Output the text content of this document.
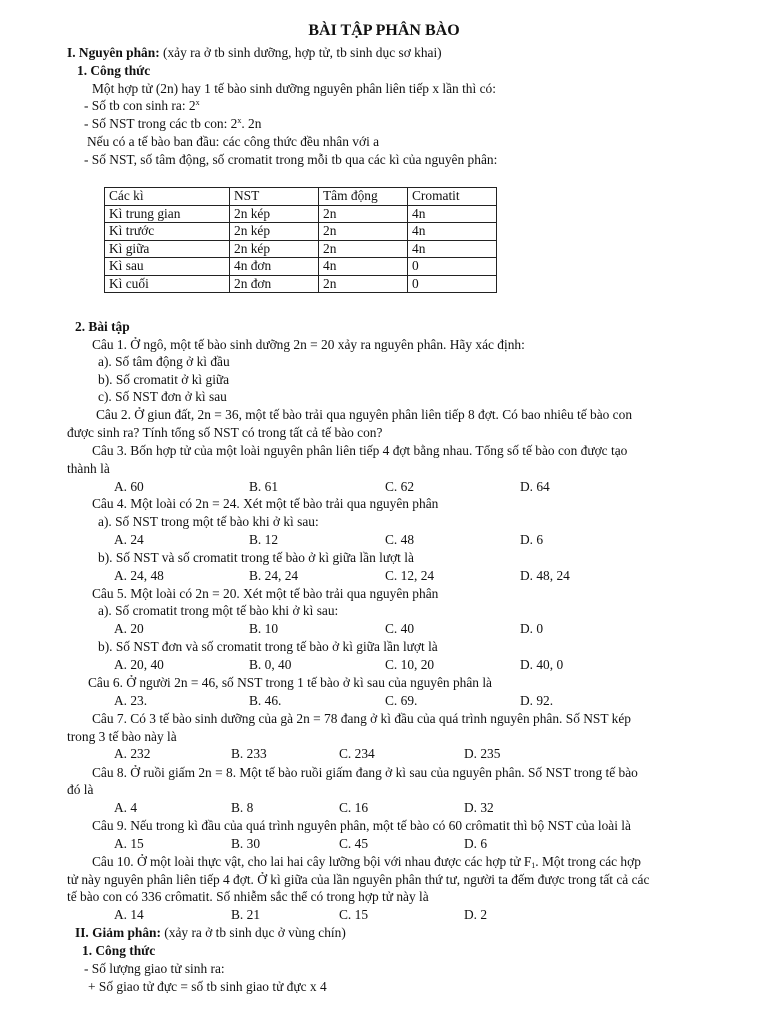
BÀI TẬP PHÂN BÀO
I. Nguyên phân: (xảy ra ở tb sinh dưỡng, hợp tử, tb sinh dục sơ khai)
1. Công thức
Một hợp tử (2n) hay 1 tế bào sinh dưỡng nguyên phân liên tiếp x lần thì có:
- Số tb con sinh ra: 2$^x$
- Số NST trong các tb con: 2$^x$. 2n
Nếu có a tế bào ban đầu: các công thức đều nhân với a
- Số NST, số tâm động, số cromatit trong mỗi tb qua các kì của nguyên phân:
Các kì	NST	Tâm động	Cromatit
Kì trung gian	2n kép	2n	4n
Kì trước	2n kép	2n	4n
Kì giữa	2n kép	2n	4n
Kì sau	4n đơn	4n	0
Kì cuối	2n đơn	2n	0
2. Bài tập
Câu 1. Ở ngô, một tế bào sinh dưỡng 2n = 20 xảy ra nguyên phân. Hãy xác định:
a). Số tâm động ở kì đầu
b). Số cromatit ở kì giữa
c). Số NST đơn ở kì sau
Câu 2. Ở giun đất, 2n = 36, một tế bào trải qua nguyên phân liên tiếp 8 đợt. Có bao nhiêu tế bào con
được sinh ra? Tính tổng số NST có trong tất cả tế bào con?
Câu 3. Bốn hợp tử của một loài nguyên phân liên tiếp 4 đợt bằng nhau. Tổng số tế bào con được tạo
thành là
A. 60	B. 61	C. 62	D. 64
Câu 4. Một loài có 2n = 24. Xét một tế bào trải qua nguyên phân
a). Số NST trong một tế bào khi ở kì sau:
A. 24	B. 12	C. 48	D. 6
b). Số NST và số cromatit trong tế bào ở kì giữa lần lượt là
A. 24, 48	B. 24, 24	C. 12, 24	D. 48, 24
Câu 5. Một loài có 2n = 20. Xét một tế bào trải qua nguyên phân
a). Số cromatit trong một tế bào khi ở kì sau:
A. 20	B. 10	C. 40	D. 0
b). Số NST đơn và số cromatit trong tế bào ở kì giữa lần lượt là
A. 20, 40	B. 0, 40	C. 10, 20	D. 40, 0
Câu 6. Ở người 2n = 46, số NST trong 1 tế bào ở kì sau của nguyên phân là
A. 23.	B. 46.	C. 69.	D. 92.
Câu 7. Có 3 tế bào sinh dưỡng của gà 2n = 78 đang ở kì đầu của quá trình nguyên phân. Số NST kép
trong 3 tế bào này là
A. 232	B. 233	C. 234	D. 235
Câu 8. Ở ruồi giấm 2n = 8. Một tế bào ruồi giấm đang ở kì sau của nguyên phân. Số NST trong tế bào
đó là
A. 4	B. 8	C. 16	D. 32
Câu 9. Nếu trong kì đầu của quá trình nguyên phân, một tế bào có 60 crômatit thì bộ NST của loài là
A. 15	B. 30	C. 45	D. 6
Câu 10. Ở một loài thực vật, cho lai hai cây lưỡng bội với nhau được các hợp tử $F_1$. Một trong các hợp
tử này nguyên phân liên tiếp 4 đợt. Ở kì giữa của lần nguyên phân thứ tư, người ta đếm được trong tất cả các
tế bào con có 336 crômatit. Số nhiễm sắc thể có trong hợp tử này là
A. 14	B. 21	C. 15	D. 2
II. Giảm phân: (xảy ra ở tb sinh dục ở vùng chín)
1. Công thức
- Số lượng giao tử sinh ra:
+ Số giao tử đực = số tb sinh giao tử đực x 4
